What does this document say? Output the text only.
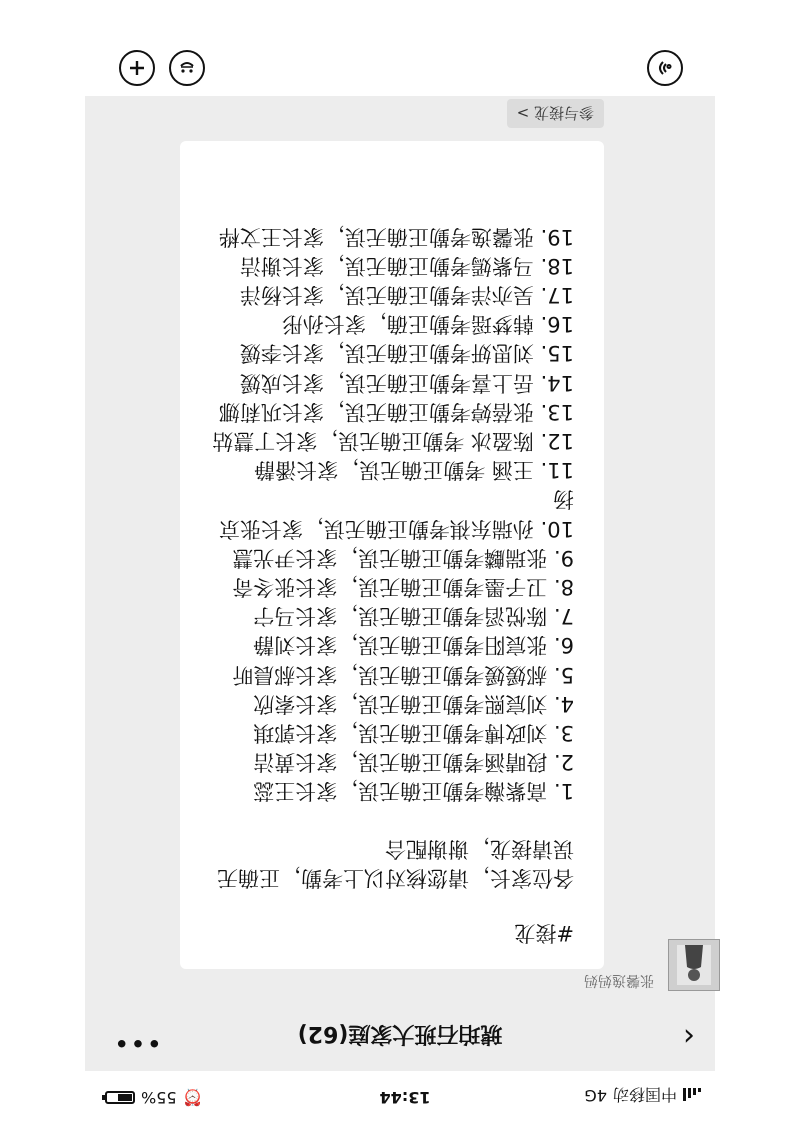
中国移动
4G
13:44
⏰
55%
‹
琥珀石班大家庭(62)
•••
张馨逸妈妈
#接龙
各位家长，请您核对以上考勤，正确无误请接龙，谢谢配合
1. 高紫瀚考勤正确无误，家长王蕊
2. 段晴涵考勤正确无误，家长黄洁
3. 刘政博考勤正确无误，家长郭琪
4. 刘宸熙考勤正确无误，家长索欣
5. 郝媛媛考勤正确无误，家长郝晨昕
6. 张宸阳考勤正确无误，家长刘静
7. 陈悦滔考勤正确无误，家长马宁
8. 卫子墨考勤正确无误，家长张冬奇
9. 张瑞麟考勤正确无误，家长尹光慧
10. 孙瑞东祺考勤正确无误，家长张京扬
11. 王涵 考勤正确无误，家长潘静
12. 陈盈冰 考勤正确无误，家长丁慧姑
13. 张蓓婷考勤正确无误，家长巩莉娜
14. 岳上喜考勤正确无误，家长成媛
15. 刘思妍考勤正确无误，家长李媛
16. 韩梦瑶考勤正确，家长孙彤
17. 吴亦洋考勤正确无误，家长杨洋
18. 马紫嫣考勤正确无误，家长谢洁
19. 张馨逸考勤正确无误，家长王文桦
参与接龙 >
